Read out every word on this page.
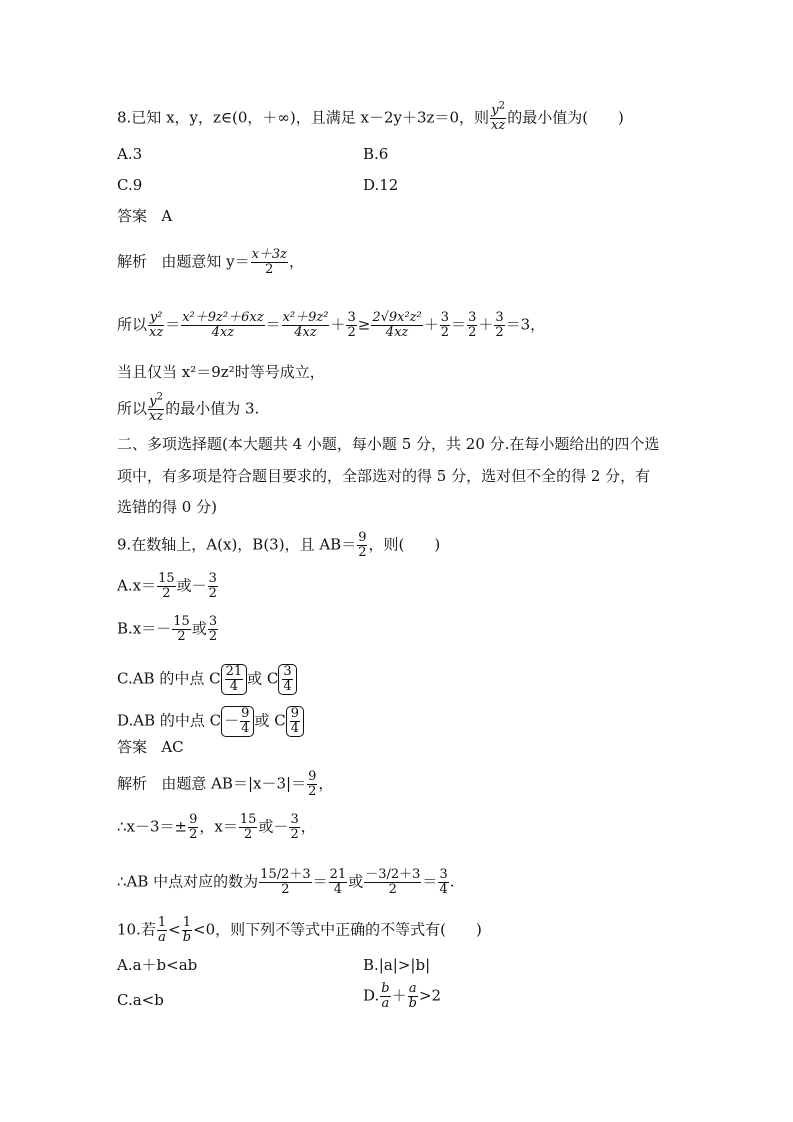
8.已知 x，y，z∈(0，＋∞)，且满足 x－2y＋3z＝0，则 $\frac{y^2}{xz}$ 的最小值为(　　)
A.3	B.6
C.9	D.12
答案 A
解析 由题意知 $y= \frac{x+3z}{2}$ ，
所以 $\frac{\text{y²}}{xz} = \frac{\text{x²＋9z²＋6xz}}{4xz} = \frac{\text{x²＋9z²}}{4xz} + \frac{3}{2} \ge \frac{\text{2√9x²z²}}{4xz} + \frac{3}{2} = \frac{3}{2} + \frac{3}{2} =3$，
当且仅当 x²＝9z²时等号成立，
所以 $\frac{y^2}{xz}$ 的最小值为 3.
二、多项选择题(本大题共 4 小题，每小题 5 分，共 20 分.在每小题给出的四个选
项中，有多项是符合题目要求的，全部选对的得 5 分，选对但不全的得 2 分，有
选错的得 0 分)
9.在数轴上，A(x)，B(3)，且 $AB= \frac{9}{2}$ ，则(　　)
$A.x= \frac{15}{2}$ 或－ $\frac{3}{2}$
$B.x=- \frac{15}{2}$ 或 $\frac{3}{2}$
C.AB 的中点 C $\frac{21}{4}$ 或 C $\frac{3}{4}$
D.AB 的中点 $C - \frac{9}{4}$ 或 C $\frac{9}{4}$
答案 AC
解析 由题意 $AB=|x-3|= \frac{9}{2}$ ，
∴x－3＝± $\frac{9}{2}$ ，$x= \frac{15}{2}$ 或－ $\frac{3}{2}$ ，
∴AB 中点对应的数为 $\frac{15/2+3}{2} = \frac{21}{4}$ 或 $\frac{-3/2+3}{2} = \frac{3}{4}$ .
10.若 $\frac{1}{a} < \frac{1}{b} <0$，则下列不等式中正确的不等式有(　　)
A.a＋b<ab	B.|a|>|b|
C.a<b	D. $\frac{b}{a} + \frac{a}{b} >2$
